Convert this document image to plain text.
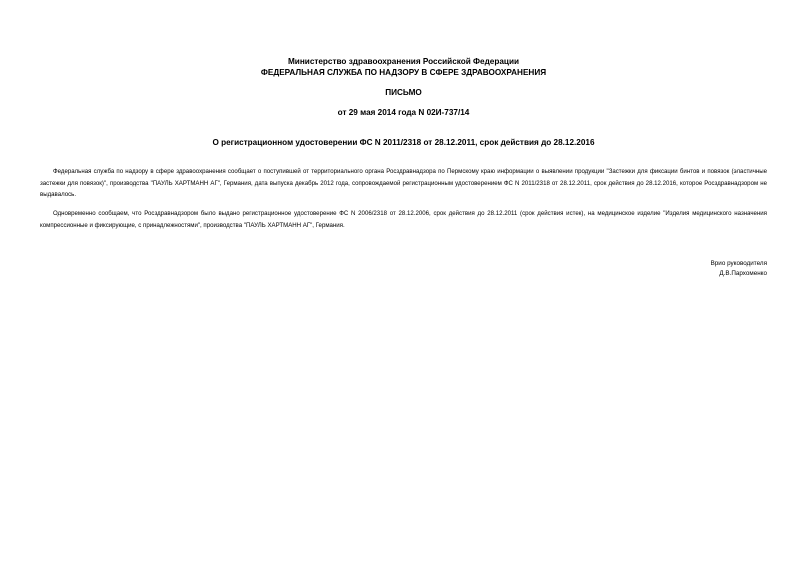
Министерство здравоохранения Российской Федерации
ФЕДЕРАЛЬНАЯ СЛУЖБА ПО НАДЗОРУ В СФЕРЕ ЗДРАВООХРАНЕНИЯ
ПИСЬМО
от 29 мая 2014 года N 02И-737/14
О регистрационном удостоверении ФС N 2011/2318 от 28.12.2011, срок действия до 28.12.2016
Федеральная служба по надзору в сфере здравоохранения сообщает о поступившей от территориального органа Росздравнадзора по Пермскому краю информации о выявлении продукции "Застежки для фиксации бинтов и повязок (эластичные застежки для повязок)", производства "ПАУЛЬ ХАРТМАНН АГ", Германия, дата выпуска декабрь 2012 года, сопровождаемой регистрационным удостоверением ФС N 2011/2318 от 28.12.2011, срок действия до 28.12.2016, которое Росздравнадзором не выдавалось.
Одновременно сообщаем, что Росздравнадзором было выдано регистрационное удостоверение ФС N 2006/2318 от 28.12.2006, срок действия до 28.12.2011 (срок действия истек), на медицинское изделие "Изделия медицинского назначения компрессионные и фиксирующие, с принадлежностями", производства "ПАУЛЬ ХАРТМАНН АГ", Германия.
Врио руководителя
Д.В.Пархоменко
